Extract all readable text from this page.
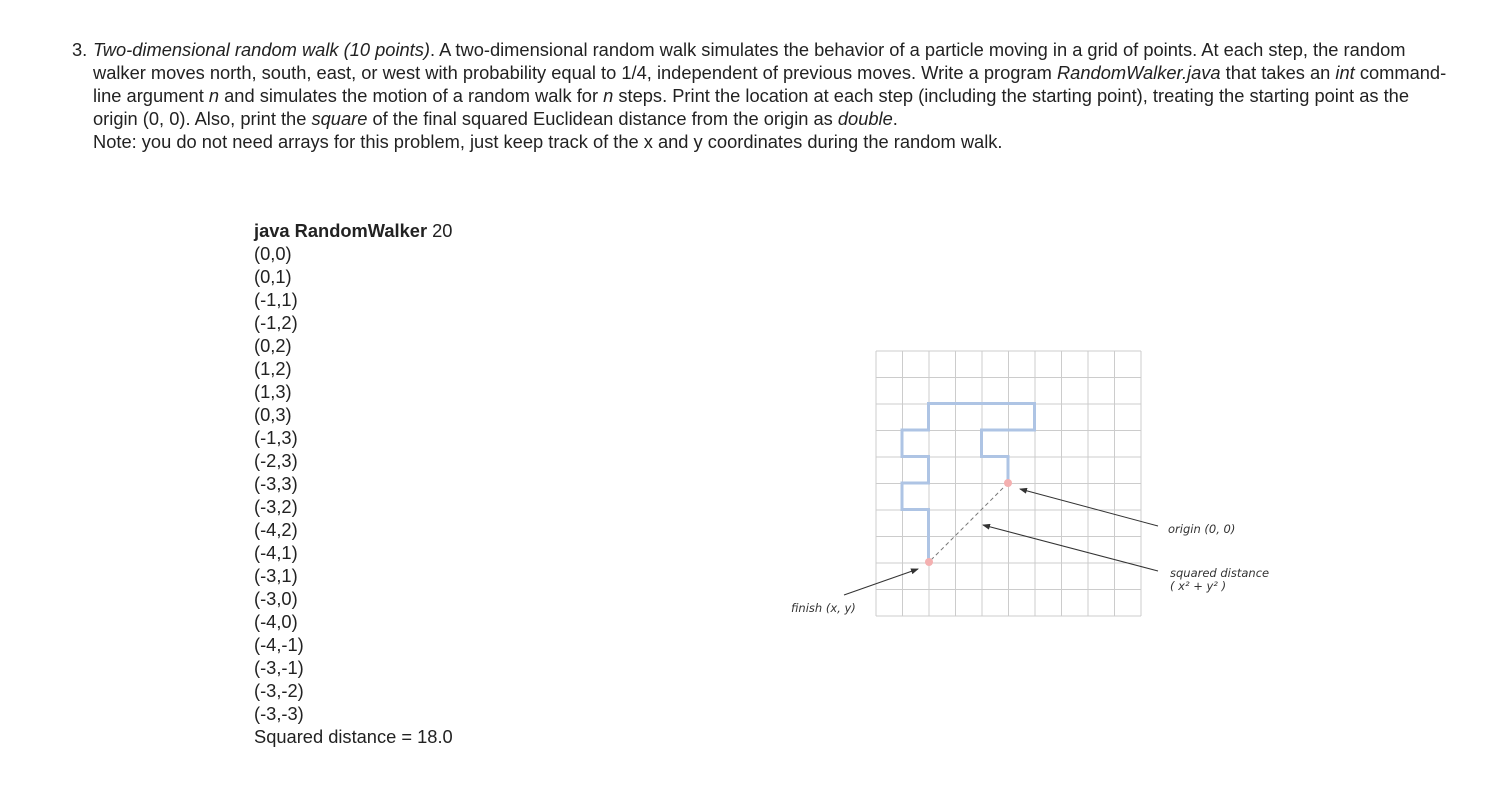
3. Two-dimensional random walk (10 points). A two-dimensional random walk simulates the behavior of a particle moving in a grid of points. At each step, the random walker moves north, south, east, or west with probability equal to 1/4, independent of previous moves. Write a program RandomWalker.java that takes an int command-line argument n and simulates the motion of a random walk for n steps. Print the location at each step (including the starting point), treating the starting point as the origin (0, 0). Also, print the square of the final squared Euclidean distance from the origin as double.

Note: you do not need arrays for this problem, just keep track of the x and y coordinates during the random walk.

java RandomWalker 20
(0,0)
(0,1)
(-1,1)
(-1,2)
(0,2)
(1,2)
(1,3)
(0,3)
(-1,3)
(-2,3)
(-3,3)
(-3,2)
(-4,2)
(-4,1)
(-3,1)
(-3,0)
(-4,0)
(-4,-1)
(-3,-1)
(-3,-2)
(-3,-3)
Squared distance = 18.0
origin (0, 0)
squared distance
( x² + y² )
finish (x, y)
